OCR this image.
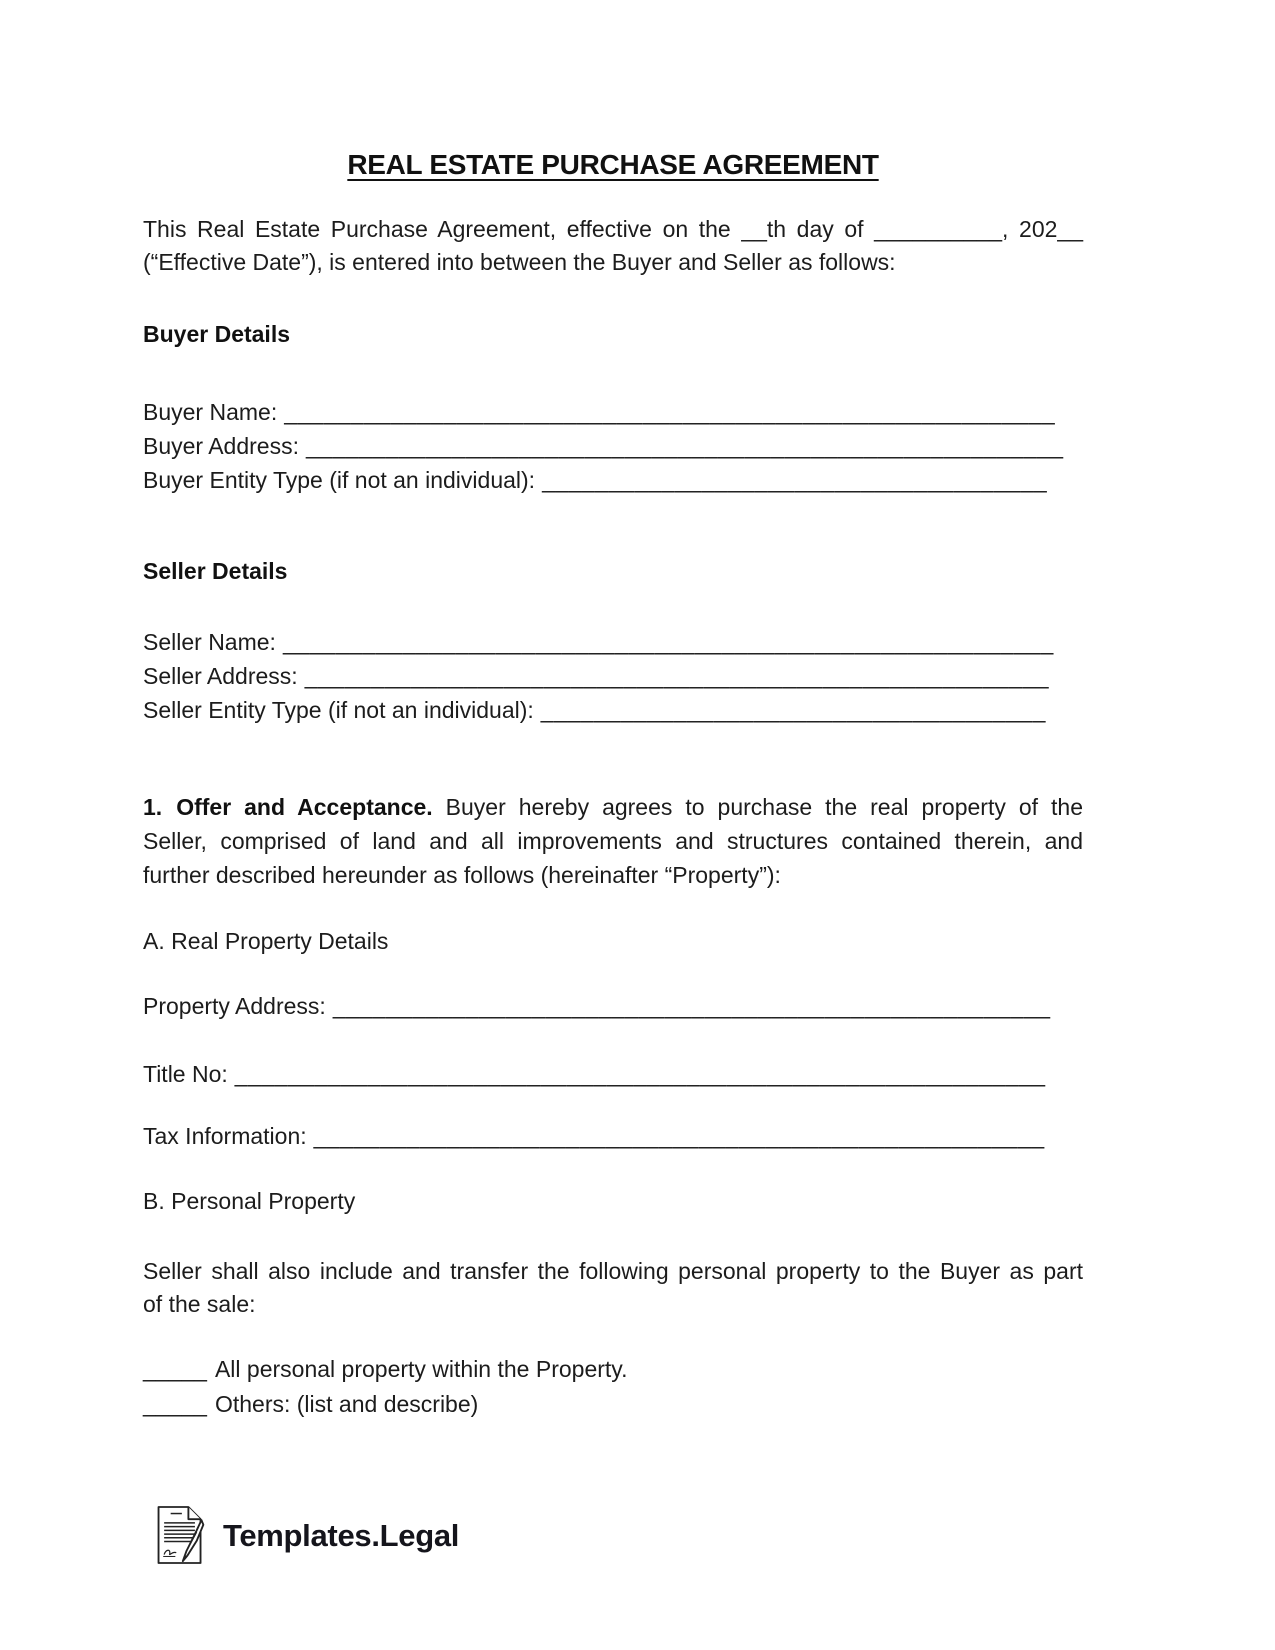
REAL ESTATE PURCHASE AGREEMENT
This Real Estate Purchase Agreement, effective on the __th day of __________, 202__
(“Effective Date”), is entered into between the Buyer and Seller as follows:
Buyer Details
Buyer Name: __________________________________________________________
Buyer Address: _________________________________________________________
Buyer Entity Type (if not an individual): ______________________________________
Seller Details
Seller Name: __________________________________________________________
Seller Address: ________________________________________________________
Seller Entity Type (if not an individual): ______________________________________
1. Offer and Acceptance. Buyer hereby agrees to purchase the real property of the
Seller, comprised of land and all improvements and structures contained therein, and
further described hereunder as follows (hereinafter “Property”):
A. Real Property Details
Property Address: ______________________________________________________
Title No: _____________________________________________________________
Tax Information: _______________________________________________________
B. Personal Property
Seller shall also include and transfer the following personal property to the Buyer as part
of the sale:
_____ All personal property within the Property.
_____ Others: (list and describe)
Templates.Legal
